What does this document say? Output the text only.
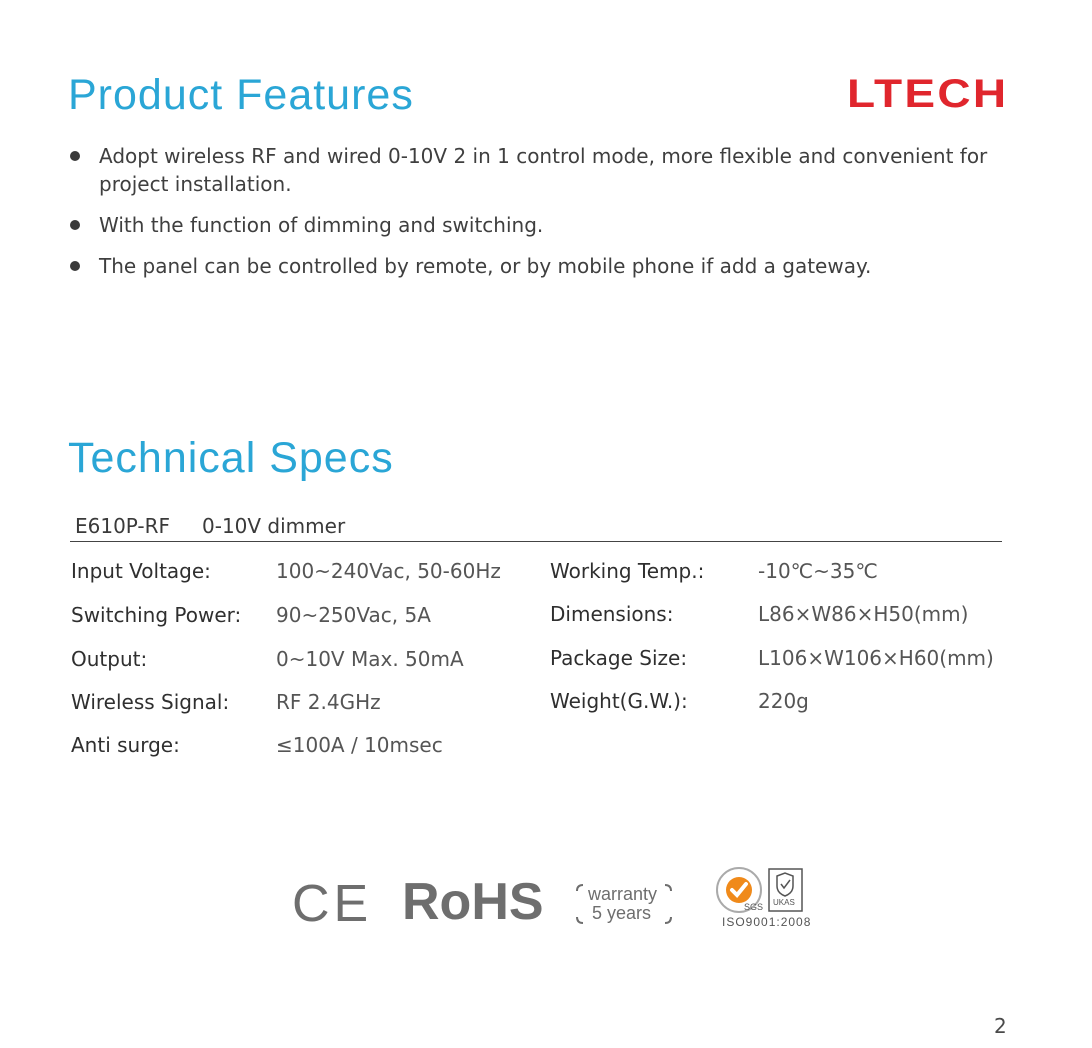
Product Features	LTECH
Adopt wireless RF and wired 0-10V 2 in 1 control mode, more flexible and convenient for project installation.
With the function of dimming and switching.
The panel can be controlled by remote, or by mobile phone if add a gateway.
Technical Specs
E610P-RF 0-10V dimmer
Input Voltage:	100~240Vac, 50-60Hz
Switching Power: 90~250Vac, 5A
Output:	0~10V Max. 50mA
Wireless Signal: RF 2.4GHz
Anti surge:	≤100A / 10msec
Working Temp.:	-10℃~35℃
Dimensions:	L86×W86×H50(mm)
Package Size:	L106×W106×H60(mm)
Weight(G.W.):	220g
CE RoHS warranty
5 years	SGS UKAS
ISO9001:2008
2
